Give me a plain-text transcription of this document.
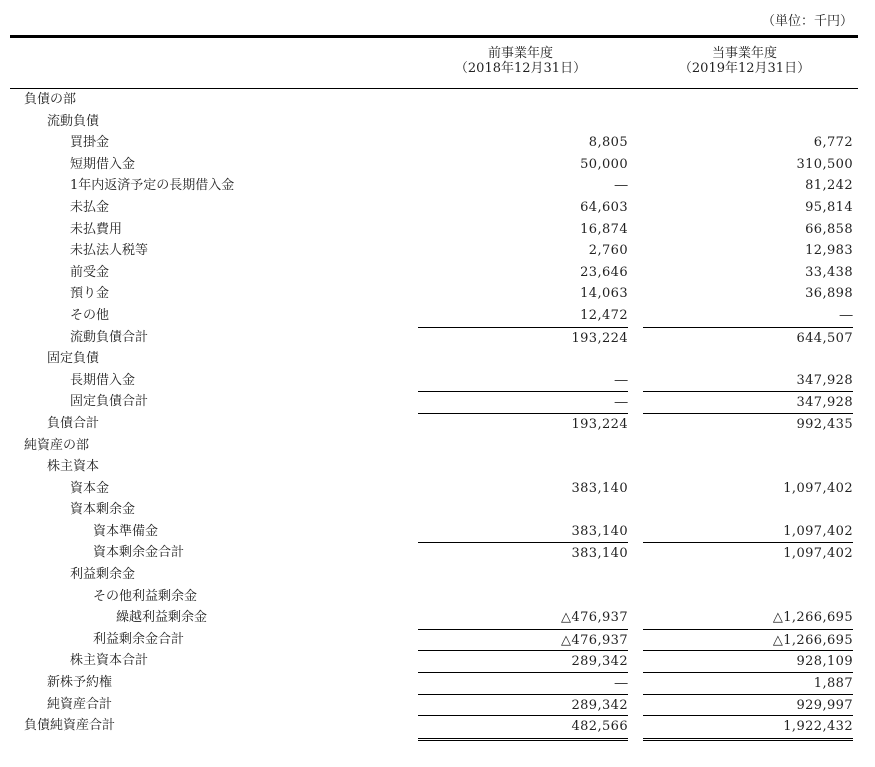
（単位：千円）
前事業年度
（2018年12月31日）
当事業年度
（2019年12月31日）
負債の部
流動負債
買掛金	8,805	6,772
短期借入金	50,000	310,500
1年内返済予定の長期借入金	―	81,242
未払金	64,603	95,814
未払費用	16,874	66,858
未払法人税等	2,760	12,983
前受金	23,646	33,438
預り金	14,063	36,898
その他	12,472	―
流動負債合計	193,224	644,507
固定負債
長期借入金	―	347,928
固定負債合計	―	347,928
負債合計	193,224	992,435
純資産の部
株主資本
資本金	383,140	1,097,402
資本剰余金
資本準備金	383,140	1,097,402
資本剰余金合計	383,140	1,097,402
利益剰余金
その他利益剰余金
繰越利益剰余金	△476,937	△1,266,695
利益剰余金合計	△476,937	△1,266,695
株主資本合計	289,342	928,109
新株予約権	―	1,887
純資産合計	289,342	929,997
負債純資産合計	482,566	1,922,432
